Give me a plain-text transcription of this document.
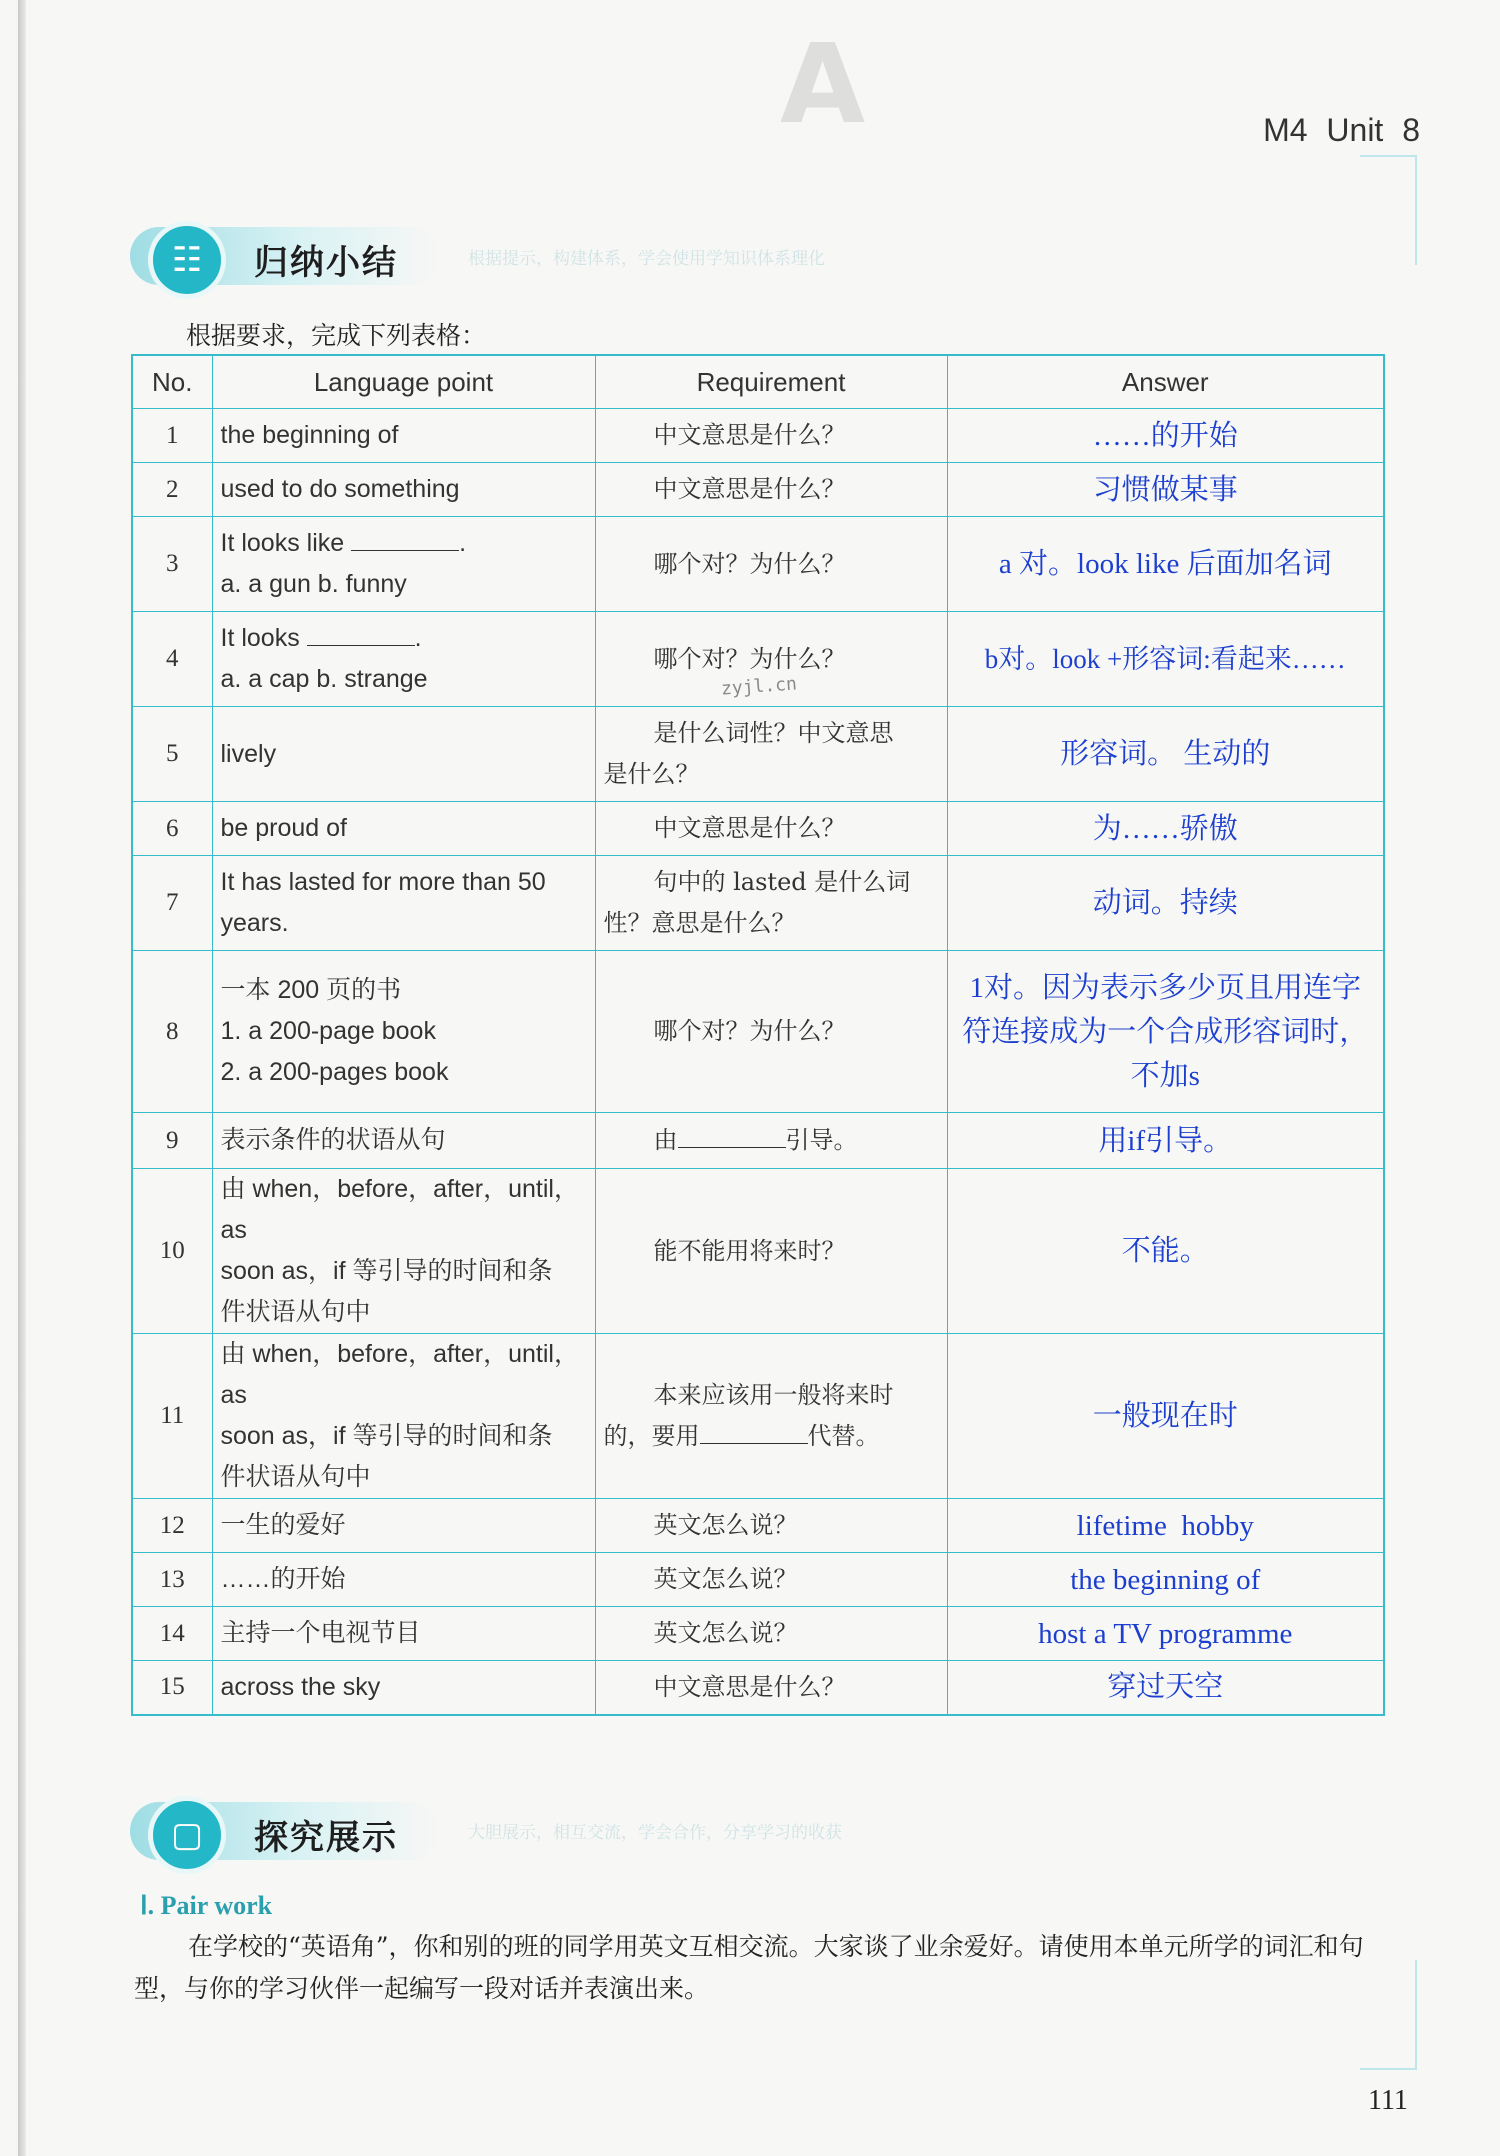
A	M4 Unit 8
☷	归纳小结	根据提示，构建体系，学会使用学知识体系理化
根据要求，完成下列表格：
No.	Language point	Requirement	Answer
1	the beginning of	中文意思是什么？	……的开始

2	used to do something	中文意思是什么？	习惯做某事

3	It looks like .
a. a gun b. funny	哪个对？为什么？	a 对。look like 后面加名词

4	It looks .
a. a cap b. strange	哪个对？为什么？	b对。look +形容词:看起来……

5	lively	是什么词性？中文意思
是什么？	形容词。 生动的

6	be proud of	中文意思是什么？	为……骄傲

7	It has lasted for more than 50
years.	句中的 lasted 是什么词
性？意思是什么？	动词。持续

8	一本 200 页的书
1. a 200-page book
2. a 200-pages book	哪个对？为什么？	1对。因为表示多少页且用连字
符连接成为一个合成形容词时，
不加s

9	表示条件的状语从句	由 引导。	用if引导。

10	由 when，before，after，until，as
soon as，if 等引导的时间和条
件状语从句中	能不能用将来时？	不能。

11	由 when，before，after，until，as
soon as，if 等引导的时间和条
件状语从句中	本来应该用一般将来时
的，要用 代替。	一般现在时

12	一生的爱好	英文怎么说？	lifetime  hobby

13	……的开始	英文怎么说？	the beginning of

14	主持一个电视节目	英文怎么说？	host a TV programme

15	across the sky	中文意思是什么？	穿过天空
zyjl.cn
▢	探究展示	大胆展示，相互交流，学会合作，分享学习的收获
Ⅰ. Pair work
在学校的“英语角”，你和别的班的同学用英文互相交流。大家谈了业余爱好。请使用本单元所学的词汇和句型，与你的学习伙伴一起编写一段对话并表演出来。
111
